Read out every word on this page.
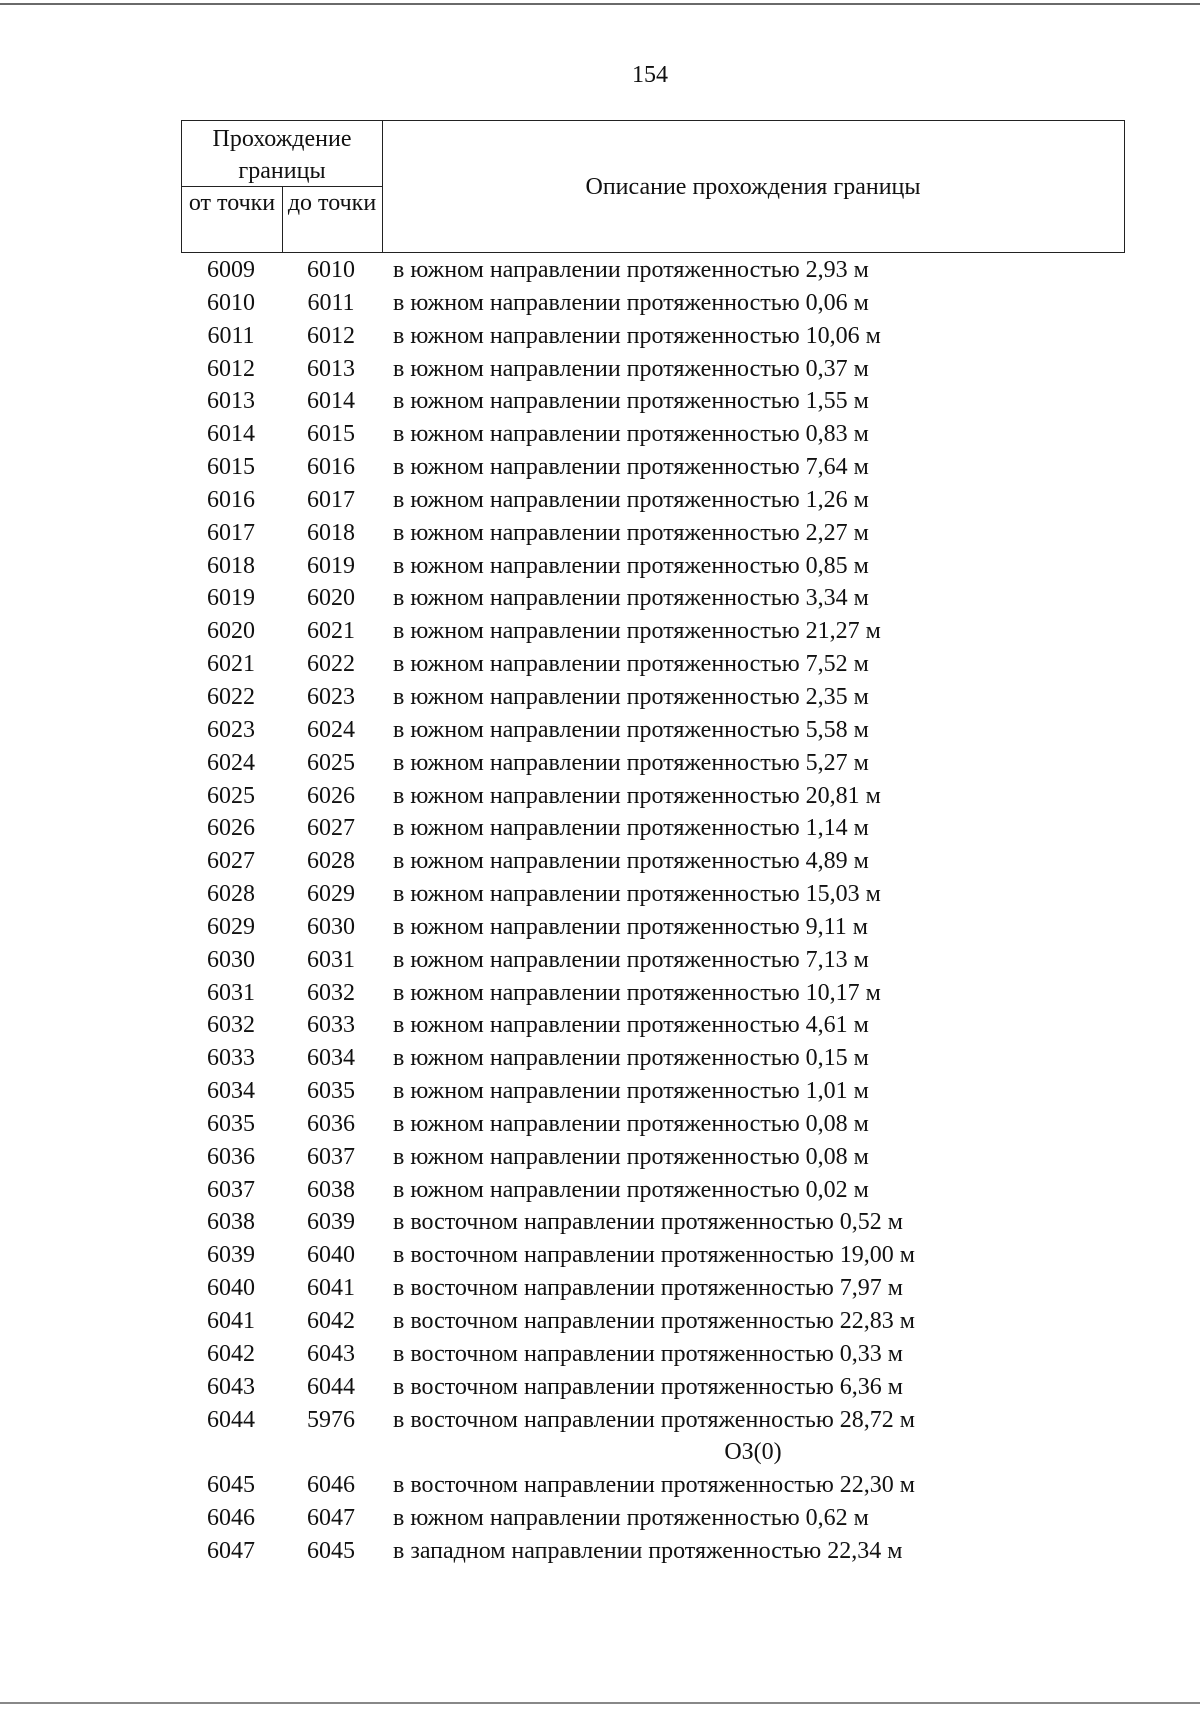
154
Прохождение границы
от точки до точки
Описание прохождения границы
6009	6010	в южном направлении протяженностью 2,93 м
6010	6011	в южном направлении протяженностью 0,06 м
6011	6012	в южном направлении протяженностью 10,06 м
6012	6013	в южном направлении протяженностью 0,37 м
6013	6014	в южном направлении протяженностью 1,55 м
6014	6015	в южном направлении протяженностью 0,83 м
6015	6016	в южном направлении протяженностью 7,64 м
6016	6017	в южном направлении протяженностью 1,26 м
6017	6018	в южном направлении протяженностью 2,27 м
6018	6019	в южном направлении протяженностью 0,85 м
6019	6020	в южном направлении протяженностью 3,34 м
6020	6021	в южном направлении протяженностью 21,27 м
6021	6022	в южном направлении протяженностью 7,52 м
6022	6023	в южном направлении протяженностью 2,35 м
6023	6024	в южном направлении протяженностью 5,58 м
6024	6025	в южном направлении протяженностью 5,27 м
6025	6026	в южном направлении протяженностью 20,81 м
6026	6027	в южном направлении протяженностью 1,14 м
6027	6028	в южном направлении протяженностью 4,89 м
6028	6029	в южном направлении протяженностью 15,03 м
6029	6030	в южном направлении протяженностью 9,11 м
6030	6031	в южном направлении протяженностью 7,13 м
6031	6032	в южном направлении протяженностью 10,17 м
6032	6033	в южном направлении протяженностью 4,61 м
6033	6034	в южном направлении протяженностью 0,15 м
6034	6035	в южном направлении протяженностью 1,01 м
6035	6036	в южном направлении протяженностью 0,08 м
6036	6037	в южном направлении протяженностью 0,08 м
6037	6038	в южном направлении протяженностью 0,02 м
6038	6039	в восточном направлении протяженностью 0,52 м
6039	6040	в восточном направлении протяженностью 19,00 м
6040	6041	в восточном направлении протяженностью 7,97 м
6041	6042	в восточном направлении протяженностью 22,83 м
6042	6043	в восточном направлении протяженностью 0,33 м
6043	6044	в восточном направлении протяженностью 6,36 м
6044	5976	в восточном направлении протяженностью 28,72 м
ОЗ(0)
6045	6046	в восточном направлении протяженностью 22,30 м
6046	6047	в южном направлении протяженностью 0,62 м
6047	6045	в западном направлении протяженностью 22,34 м
